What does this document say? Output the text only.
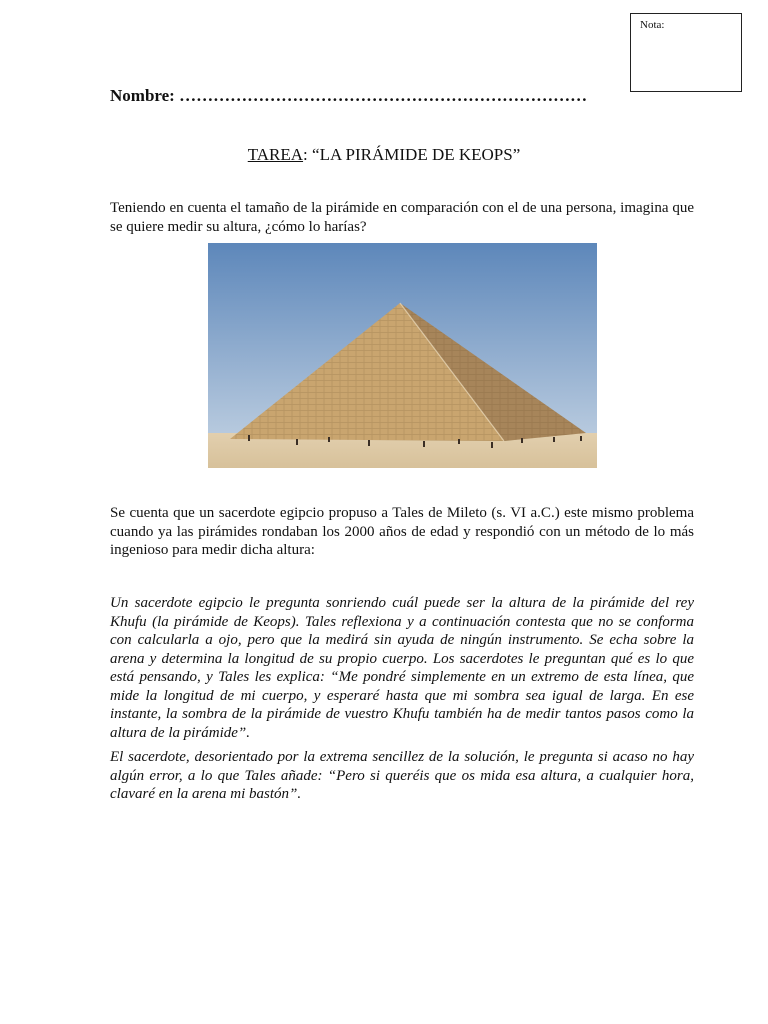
Nota:
Nombre: ………………………………………………………………
TAREA: “LA PIRÁMIDE DE KEOPS”
Teniendo en cuenta el tamaño de la pirámide en comparación con el de una persona, imagina que se quiere medir su altura, ¿cómo lo harías?
Se cuenta que un sacerdote egipcio propuso a Tales de Mileto (s. VI a.C.) este mismo problema cuando ya las pirámides rondaban los 2000 años de edad y respondió con un método de lo más ingenioso para medir dicha altura:
Un sacerdote egipcio le pregunta sonriendo cuál puede ser la altura de la pirámide del rey Khufu (la pirámide de Keops). Tales reflexiona y a continuación contesta que no se conforma con calcularla a ojo, pero que la medirá sin ayuda de ningún instrumento. Se echa sobre la arena y determina la longitud de su propio cuerpo. Los sacerdotes le preguntan qué es lo que está pensando, y Tales les explica: “Me pondré simplemente en un extremo de esta línea, que mide la longitud de mi cuerpo, y esperaré hasta que mi sombra sea igual de larga. En ese instante, la sombra de la pirámide de vuestro Khufu también ha de medir tantos pasos como la altura de la pirámide”.
El sacerdote, desorientado por la extrema sencillez de la solución, le pregunta si acaso no hay algún error, a lo que Tales añade: “Pero si queréis que os mida esa altura, a cualquier hora, clavaré en la arena mi bastón”.
